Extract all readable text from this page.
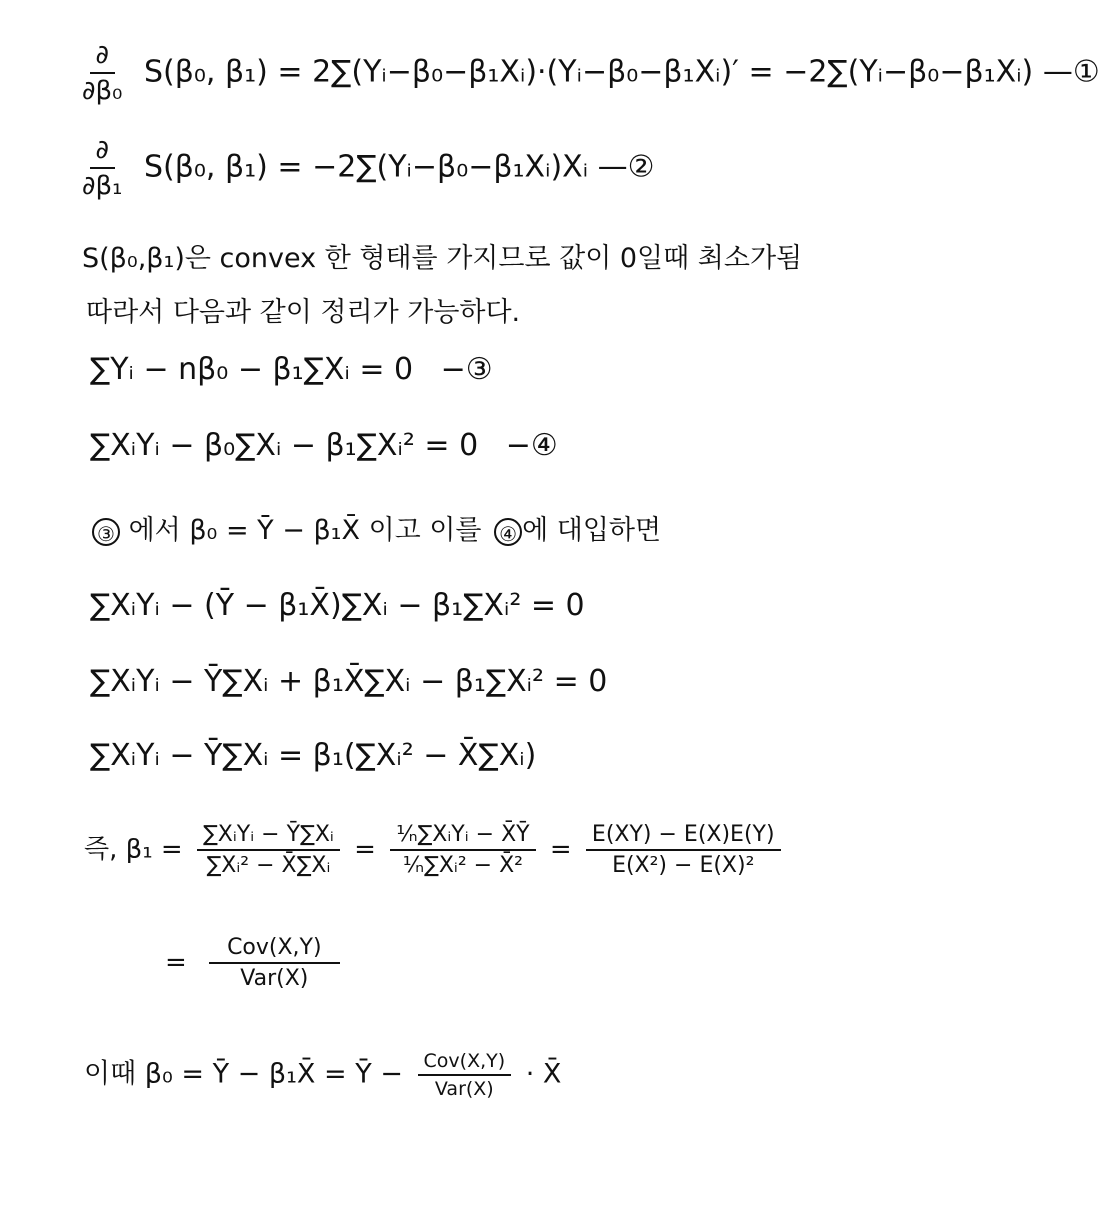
$\frac{\partial}{\text{∂β₀}} S(\beta_0$, β₁) = 2∑(Yᵢ−β₀−β₁Xᵢ)·(Yᵢ−β₀−β₁Xᵢ)′ = −2∑(Yᵢ−β₀−β₁Xᵢ) —①
$\frac{\partial}{\text{∂β₁}} S(\beta_0$, β₁) = −2∑(Yᵢ−β₀−β₁Xᵢ)Xᵢ —②
S(β₀,β₁)은 convex 한 형태를 가지므로 값이 0일때 최소가됨
따라서 다음과 같이 정리가 가능하다.
∑Yᵢ − nβ₀ − β₁∑Xᵢ = 0 −③
∑XᵢYᵢ − β₀∑Xᵢ − β₁∑Xᵢ² = 0 −④
③ 에서 β₀ = Ȳ − β₁X̄ 이고 이를 ④ 에 대입하면
∑XᵢYᵢ − (Ȳ − β₁X̄)∑Xᵢ − β₁∑Xᵢ² = 0
∑XᵢYᵢ − Ȳ∑Xᵢ + β₁X̄∑Xᵢ − β₁∑Xᵢ² = 0
∑XᵢYᵢ − Ȳ∑Xᵢ = β₁(∑Xᵢ² − X̄∑Xᵢ)
즉, $\beta_1 = \frac{\text{∑XᵢYᵢ − Ȳ∑Xᵢ}}{\text{∑Xᵢ² − X̄∑Xᵢ}} = \frac{\text{¹⁄ₙ∑XᵢYᵢ − X̄Ȳ}}{\text{¹⁄ₙ∑Xᵢ² − X̄²}} = \frac{E(XY) - E(X)E(Y)}{\text{E(X²) − E(X)²}}$
= $\frac{\text{Cov(X,Y)}}{\text{Var(X)}}$
이때 β₀ = Ȳ − β₁X̄ = Ȳ − $\frac{\text{Cov(X,Y)}}{\text{Var(X)}}$ · X̄
